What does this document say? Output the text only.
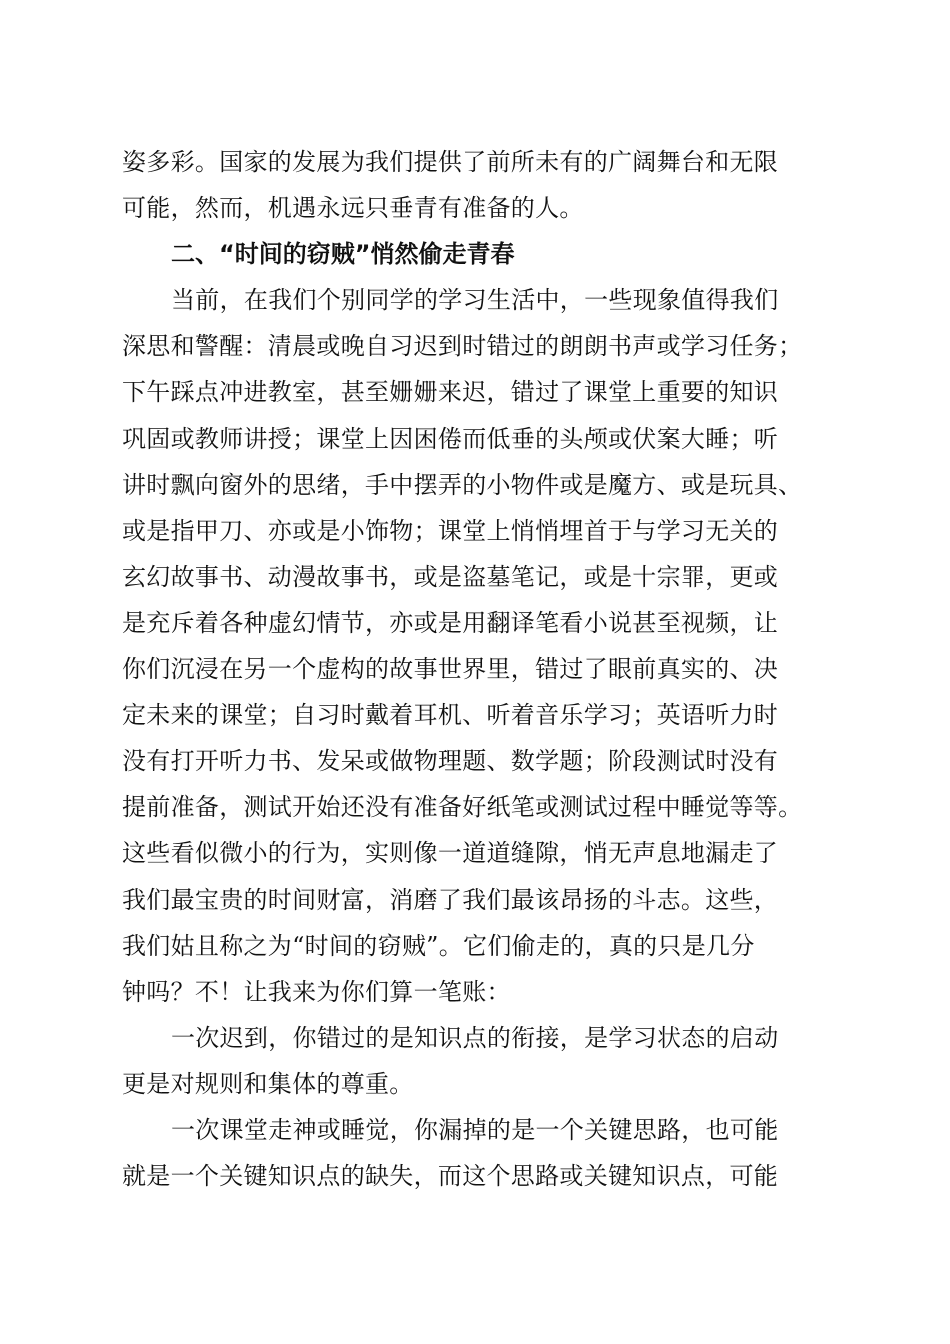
姿多彩。国家的发展为我们提供了前所未有的广阔舞台和无限
可能，然而，机遇永远只垂青有准备的人。
二、“时间的窃贼”悄然偷走青春
当前，在我们个别同学的学习生活中，一些现象值得我们
深思和警醒：清晨或晚自习迟到时错过的朗朗书声或学习任务；
下午踩点冲进教室，甚至姗姗来迟，错过了课堂上重要的知识
巩固或教师讲授；课堂上因困倦而低垂的头颅或伏案大睡；听
讲时飘向窗外的思绪，手中摆弄的小物件或是魔方、或是玩具、
或是指甲刀、亦或是小饰物；课堂上悄悄埋首于与学习无关的
玄幻故事书、动漫故事书，或是盗墓笔记，或是十宗罪，更或
是充斥着各种虚幻情节，亦或是用翻译笔看小说甚至视频，让
你们沉浸在另一个虚构的故事世界里，错过了眼前真实的、决
定未来的课堂；自习时戴着耳机、听着音乐学习；英语听力时
没有打开听力书、发呆或做物理题、数学题；阶段测试时没有
提前准备，测试开始还没有准备好纸笔或测试过程中睡觉等等。
这些看似微小的行为，实则像一道道缝隙，悄无声息地漏走了
我们最宝贵的时间财富，消磨了我们最该昂扬的斗志。这些，
我们姑且称之为“时间的窃贼”。它们偷走的，真的只是几分
钟吗？不！让我来为你们算一笔账：
一次迟到，你错过的是知识点的衔接，是学习状态的启动
更是对规则和集体的尊重。
一次课堂走神或睡觉，你漏掉的是一个关键思路，也可能
就是一个关键知识点的缺失，而这个思路或关键知识点，可能
